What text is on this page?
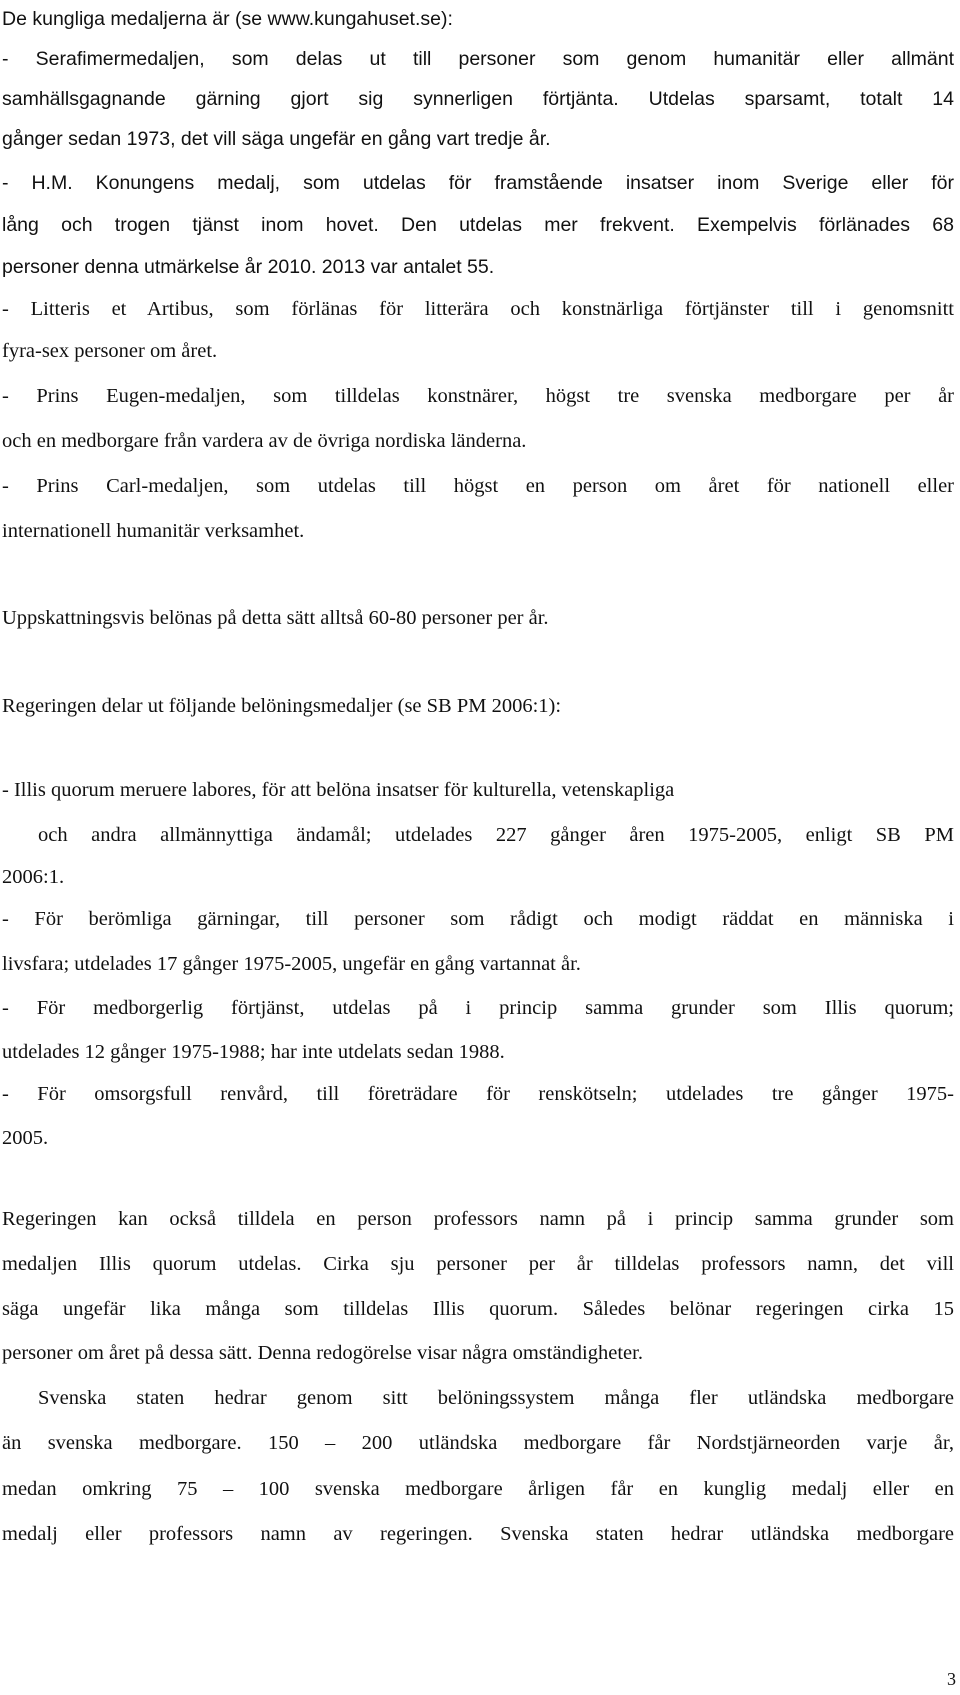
De kungliga medaljerna är (se www.kungahuset.se):
- Serafimermedaljen, som delas ut till personer som genom humanitär eller allmänt
samhällsgagnande gärning gjort sig synnerligen förtjänta. Utdelas sparsamt, totalt 14
gånger sedan 1973, det vill säga ungefär en gång vart tredje år.
- H.M. Konungens medalj, som utdelas för framstående insatser inom Sverige eller för
lång och trogen tjänst inom hovet. Den utdelas mer frekvent. Exempelvis förlänades 68
personer denna utmärkelse år 2010. 2013 var antalet 55.
- Litteris et Artibus, som förlänas för litterära och konstnärliga förtjänster till i genomsnitt
fyra-sex personer om året.
- Prins Eugen-medaljen, som tilldelas konstnärer, högst tre svenska medborgare per år
och en medborgare från vardera av de övriga nordiska länderna.
- Prins Carl-medaljen, som utdelas till högst en person om året för nationell eller
internationell humanitär verksamhet.
Uppskattningsvis belönas på detta sätt alltså 60-80 personer per år.
Regeringen delar ut följande belöningsmedaljer (se SB PM 2006:1):
- Illis quorum meruere labores, för att belöna insatser för kulturella, vetenskapliga
och andra allmännyttiga ändamål; utdelades 227 gånger åren 1975-2005, enligt SB PM
2006:1.
- För berömliga gärningar, till personer som rådigt och modigt räddat en människa i
livsfara; utdelades 17 gånger 1975-2005, ungefär en gång vartannat år.
- För medborgerlig förtjänst, utdelas på i princip samma grunder som Illis quorum;
utdelades 12 gånger 1975-1988; har inte utdelats sedan 1988.
- För omsorgsfull renvård, till företrädare för renskötseln; utdelades tre gånger 1975-
2005.
Regeringen kan också tilldela en person professors namn på i princip samma grunder som
medaljen Illis quorum utdelas. Cirka sju personer per år tilldelas professors namn, det vill
säga ungefär lika många som tilldelas Illis quorum. Således belönar regeringen cirka 15
personer om året på dessa sätt. Denna redogörelse visar några omständigheter.
Svenska staten hedrar genom sitt belöningssystem många fler utländska medborgare
än svenska medborgare. 150 – 200 utländska medborgare får Nordstjärneorden varje år,
medan omkring 75 – 100 svenska medborgare årligen får en kunglig medalj eller en
medalj eller professors namn av regeringen. Svenska staten hedrar utländska medborgare
3
